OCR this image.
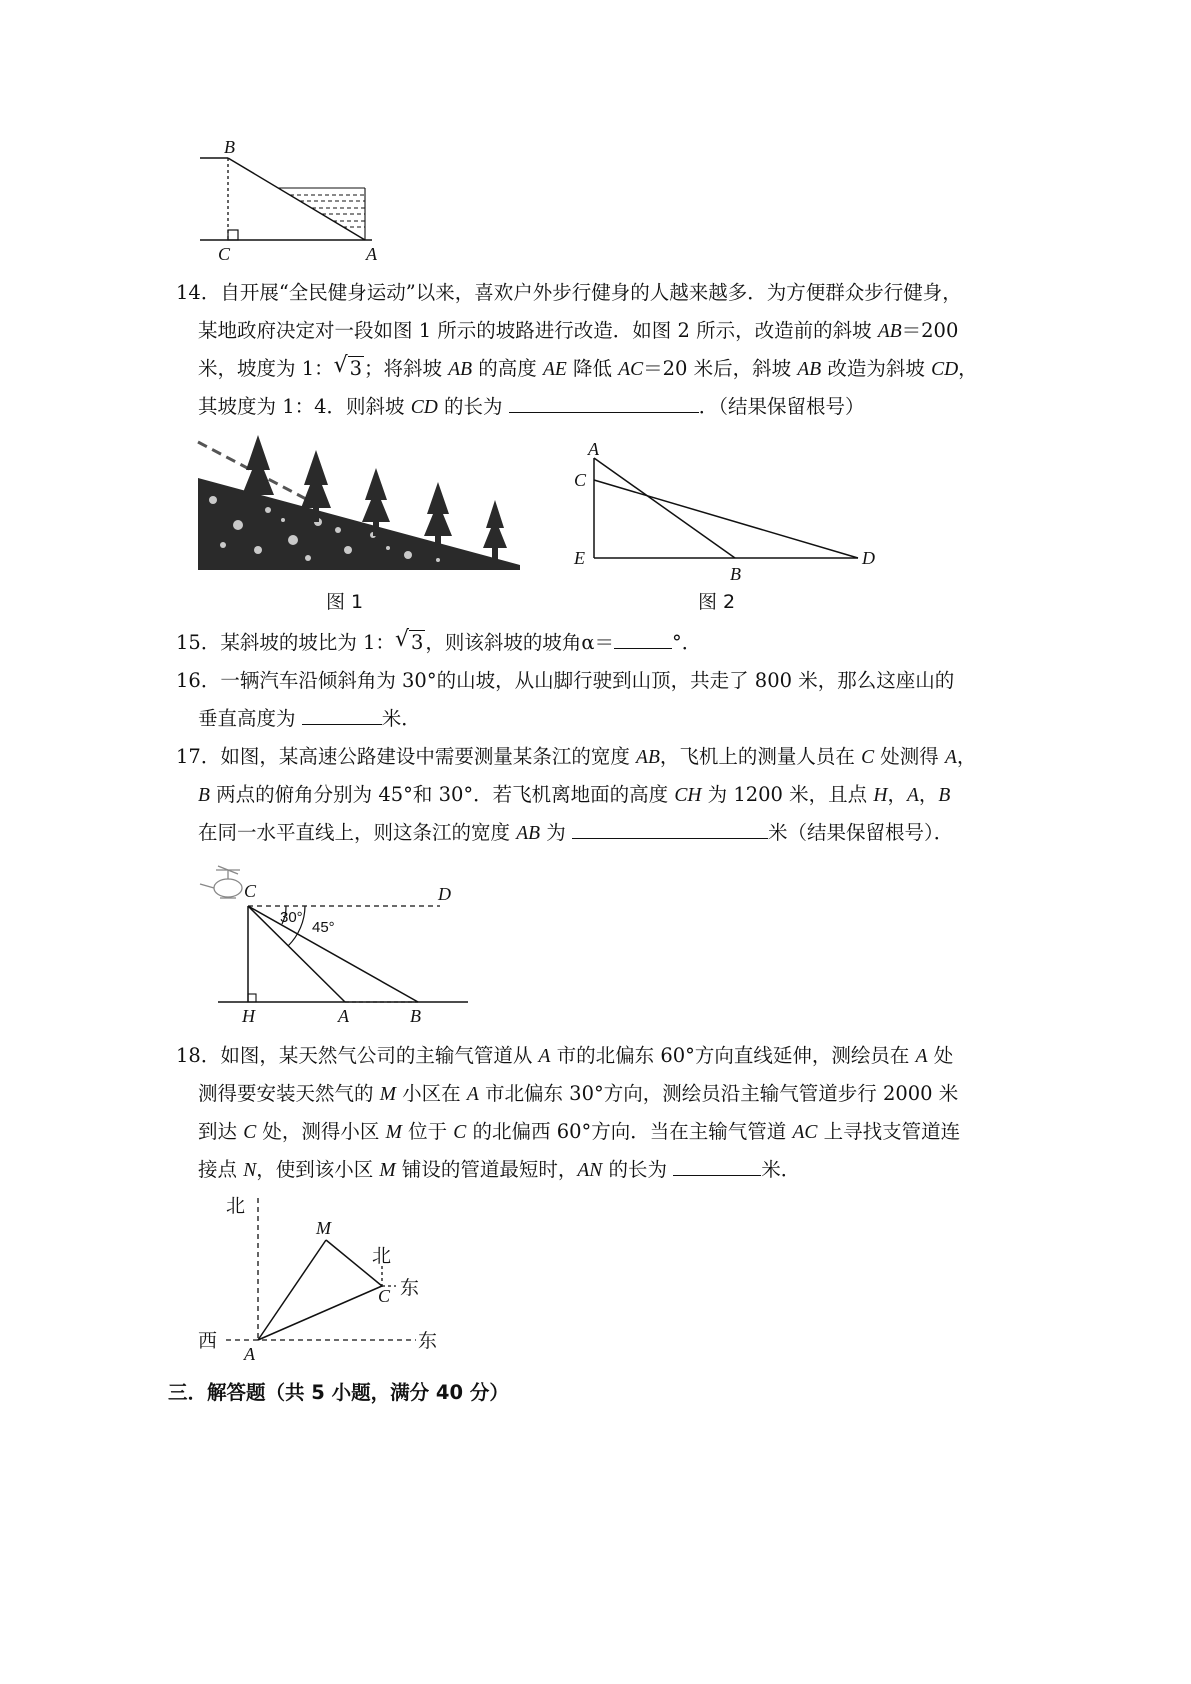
B
C	A
14．自开展“全民健身运动”以来，喜欢户外步行健身的人越来越多．为方便群众步行健身，
某地政府决定对一段如图 1 所示的坡路进行改造．如图 2 所示，改造前的斜坡 AB＝200
米，坡度为 1： √ 3 ；将斜坡 AB 的高度 AE 降低 AC＝20 米后，斜坡 AB 改造为斜坡 CD，
其坡度为 1：4．则斜坡 CD 的长为	．（结果保留根号）
图 1
A
C
E
B
D
图 2
15．某斜坡的坡比为 1： √ 3 ，则该斜坡的坡角α＝	°．
16．一辆汽车沿倾斜角为 30°的山坡，从山脚行驶到山顶，共走了 800 米，那么这座山的
垂直高度为	米．
17．如图，某高速公路建设中需要测量某条江的宽度 AB，飞机上的测量人员在 C 处测得 A，
B 两点的俯角分别为 45°和 30°．若飞机离地面的高度 CH 为 1200 米，且点 H，A，B
在同一水平直线上，则这条江的宽度 AB 为	米（结果保留根号）．
30°
45°
C	D
H	A	B
18．如图，某天然气公司的主输气管道从 A 市的北偏东 60°方向直线延伸，测绘员在 A 处
测得要安装天然气的 M 小区在 A 市北偏东 30°方向，测绘员沿主输气管道步行 2000 米
到达 C 处，测得小区 M 位于 C 的北偏西 60°方向．当在主输气管道 AC 上寻找支管道连
接点 N，使到该小区 M 铺设的管道最短时，AN 的长为	米．
北
北
东
东
西
M
C
A
三．解答题（共 5 小题，满分 40 分）
